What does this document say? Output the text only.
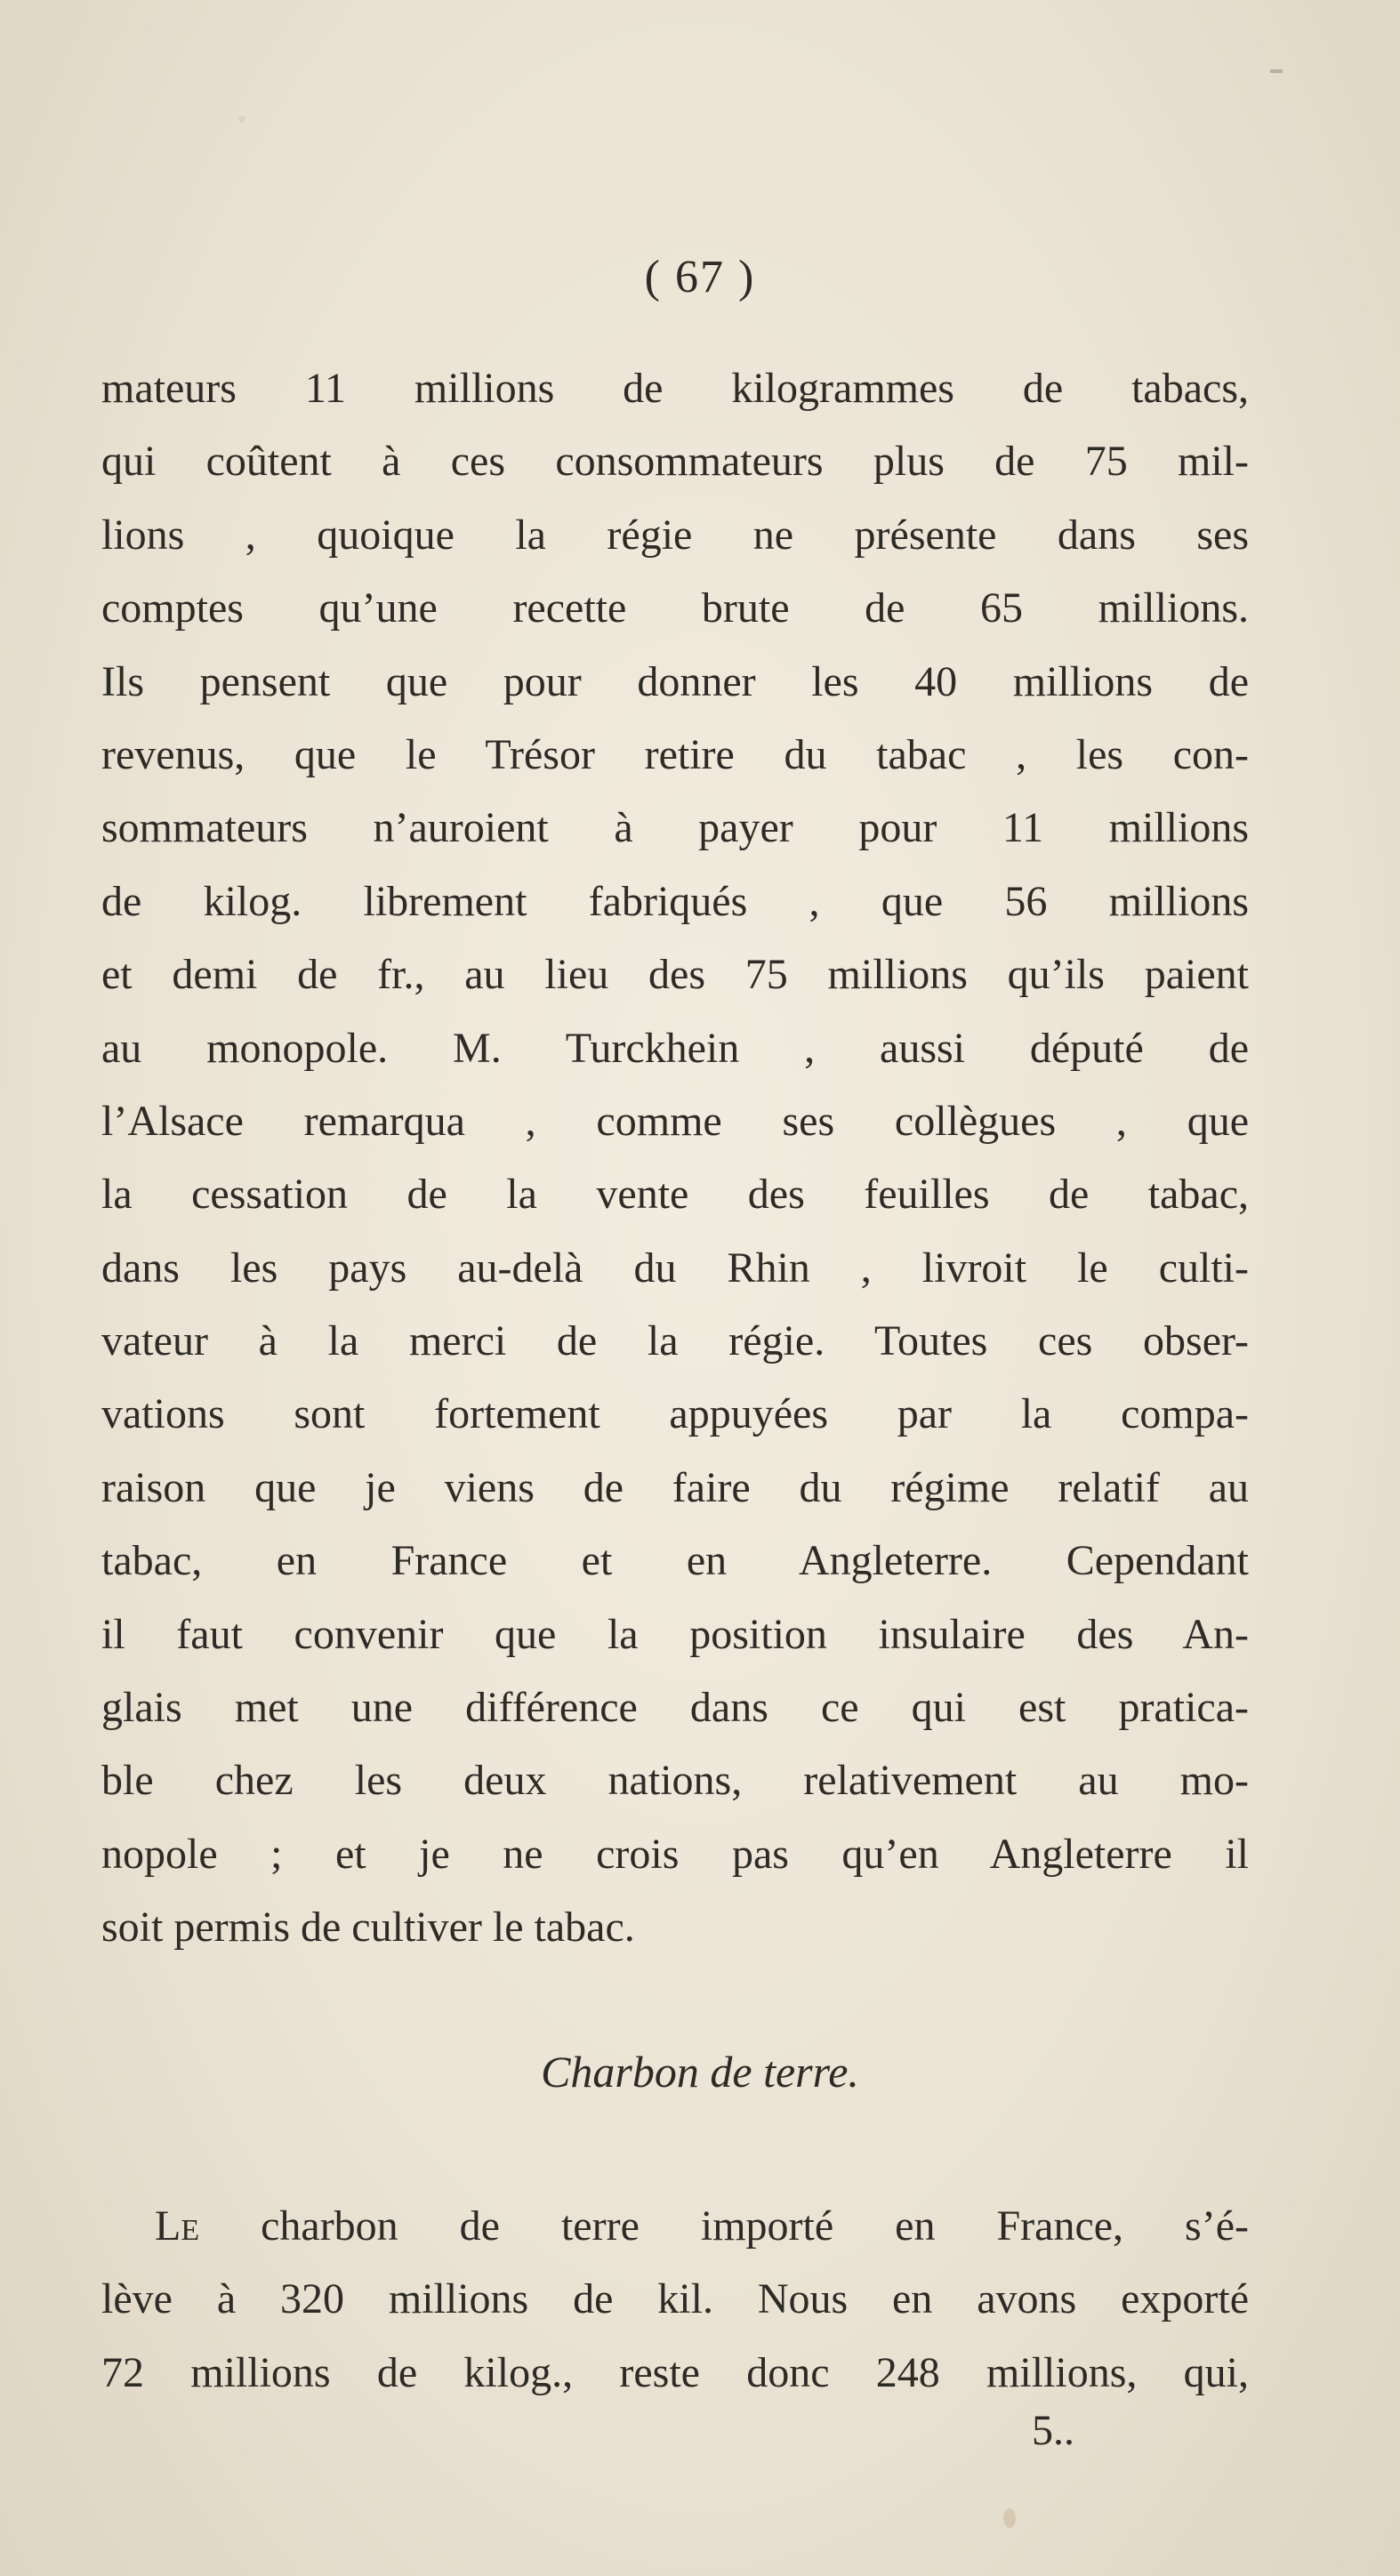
( 67 )
mateurs 11 millions de kilogrammes de tabacs,
qui coûtent à ces consommateurs plus de 75 mil-
lions , quoique la régie ne présente dans ses
comptes qu’une recette brute de 65 millions.
Ils pensent que pour donner les 40 millions de
revenus, que le Trésor retire du tabac , les con-
sommateurs n’auroient à payer pour 11 millions
de kilog. librement fabriqués , que 56 millions
et demi de fr., au lieu des 75 millions qu’ils paient
au monopole. M. Turckhein , aussi député de
l’Alsace remarqua , comme ses collègues , que
la cessation de la vente des feuilles de tabac,
dans les pays au-delà du Rhin , livroit le culti-
vateur à la merci de la régie. Toutes ces obser-
vations sont fortement appuyées par la compa-
raison que je viens de faire du régime relatif au
tabac, en France et en Angleterre. Cependant
il faut convenir que la position insulaire des An-
glais met une différence dans ce qui est pratica-
ble chez les deux nations, relativement au mo-
nopole ; et je ne crois pas qu’en Angleterre il
soit permis de cultiver le tabac.
Charbon de terre.
Le charbon de terre importé en France, s’é-
lève à 320 millions de kil. Nous en avons exporté
72 millions de kilog., reste donc 248 millions, qui,
5..
